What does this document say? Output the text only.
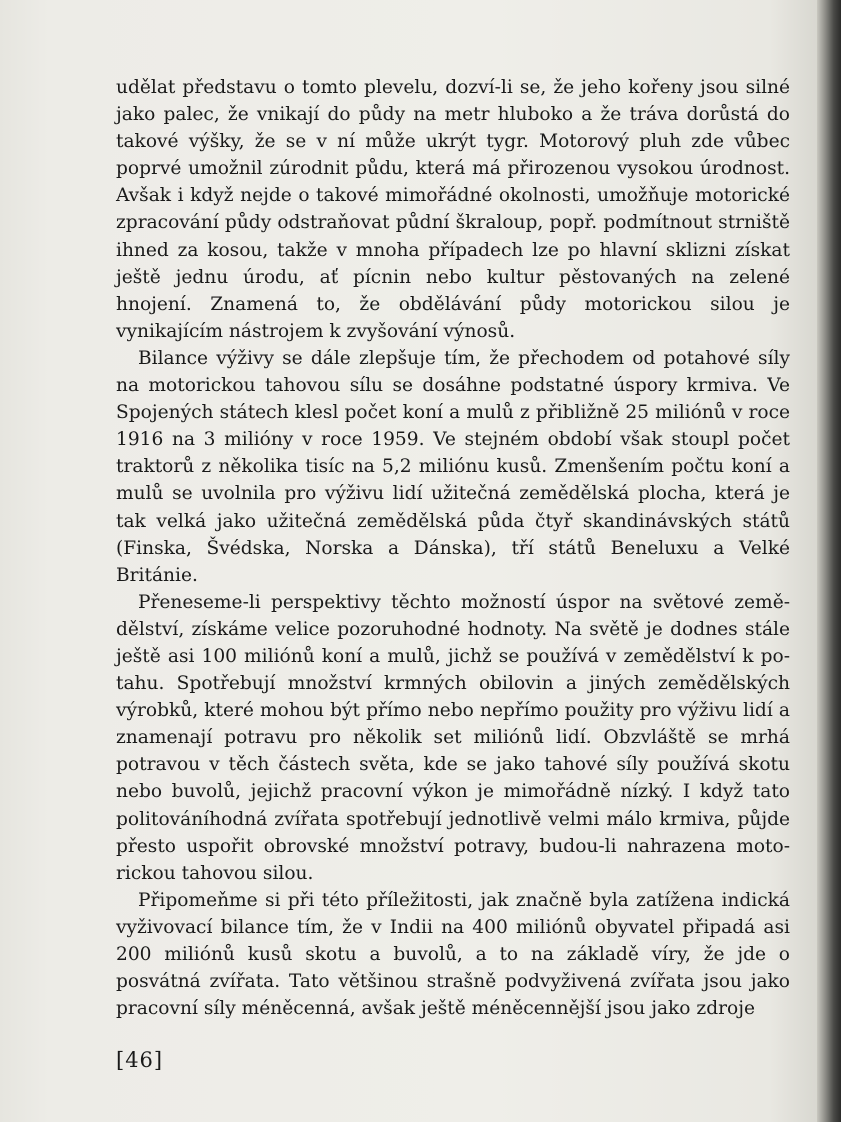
udělat představu o tomto plevelu, dozví-li se, že jeho kořeny jsou silné jako palec, že vnikají do půdy na metr hluboko a že tráva dorůstá do takové výšky, že se v ní může ukrýt tygr. Motorový pluh zde vůbec poprvé umožnil zúrodnit půdu, která má přirozenou vysokou úrodnost. Avšak i když nejde o takové mimořádné okolnosti, umožňuje motorické zpracování půdy odstraňovat půdní škraloup, popř. podmítnout strniště ihned za kosou, takže v mnoha případech lze po hlavní sklizni získat ještě jednu úrodu, ať pícnin nebo kultur pěstovaných na zelené hnojení. Znamená to, že obdělávání půdy motorickou silou je vynikajícím nástrojem k zvyšování výnosů.

Bilance výživy se dále zlepšuje tím, že přechodem od potahové síly na motorickou tahovou sílu se dosáhne podstatné úspory krmiva. Ve Spojených státech klesl počet koní a mulů z přibližně 25 miliónů v roce 1916 na 3 milióny v roce 1959. Ve stejném období však stoupl počet traktorů z několika tisíc na 5,2 miliónu kusů. Zmenšením počtu koní a mulů se uvolnila pro výživu lidí užitečná zemědělská plocha, která je tak velká jako užitečná zemědělská půda čtyř skandinávských států (Finska, Švédska, Norska a Dánska), tří států Beneluxu a Velké Británie.

Přeneseme-li perspektivy těchto možností úspor na světové zemědělství, získáme velice pozoruhodné hodnoty. Na světě je dodnes stále ještě asi 100 miliónů koní a mulů, jichž se používá v zemědělství k potahu. Spotřebují množství krmných obilovin a jiných zemědělských výrobků, které mohou být přímo nebo nepřímo použity pro výživu lidí a znamenají potravu pro několik set miliónů lidí. Obzvláště se mrhá potravou v těch částech světa, kde se jako tahové síly používá skotu nebo buvolů, jejichž pracovní výkon je mimořádně nízký. I když tato politováníhodná zvířata spotřebují jednotlivě velmi málo krmiva, půjde přesto uspořit obrovské množství potravy, budou-li nahrazena motorickou tahovou silou.

Připomeňme si při této příležitosti, jak značně byla zatížena indická vyživovací bilance tím, že v Indii na 400 miliónů obyvatel připadá asi 200 miliónů kusů skotu a buvolů, a to na základě víry, že jde o posvátná zvířata. Tato většinou strašně podvyživená zvířata jsou jako pracovní síly méněcenná, avšak ještě méněcennější jsou jako zdroje

[46]
